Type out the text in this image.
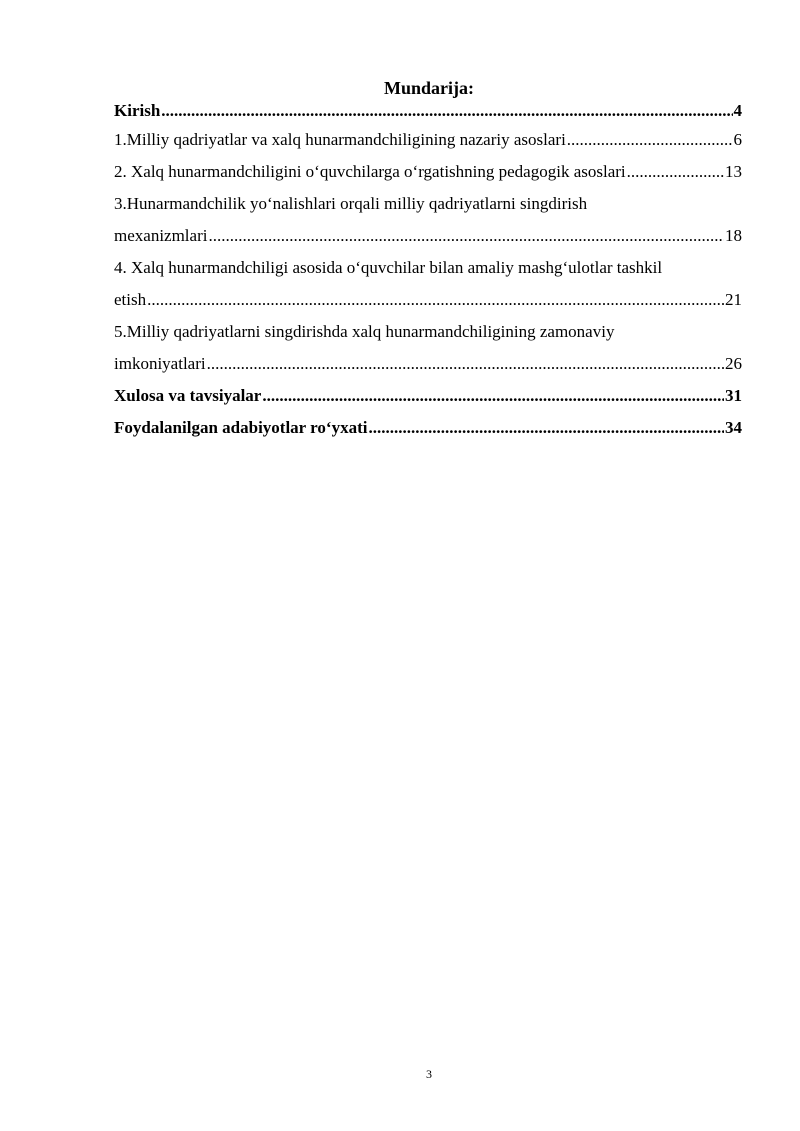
Mundarija:
Kirish .....	4
1.Milliy qadriyatlar va xalq hunarmandchiligining nazariy asoslari .....	6
2. Xalq hunarmandchiligini o‘quvchilarga o‘rgatishning pedagogik asoslari .....	13
3.Hunarmandchilik yo‘nalishlari orqali milliy qadriyatlarni singdirish
mexanizmlari .....	18
4. Xalq hunarmandchiligi asosida o‘quvchilar bilan amaliy mashg‘ulotlar tashkil
etish .....	21
5.Milliy qadriyatlarni singdirishda xalq hunarmandchiligining zamonaviy
imkoniyatlari .....	26
Xulosa va tavsiyalar .....	31
Foydalanilgan adabiyotlar ro‘yxati .....	34
3
